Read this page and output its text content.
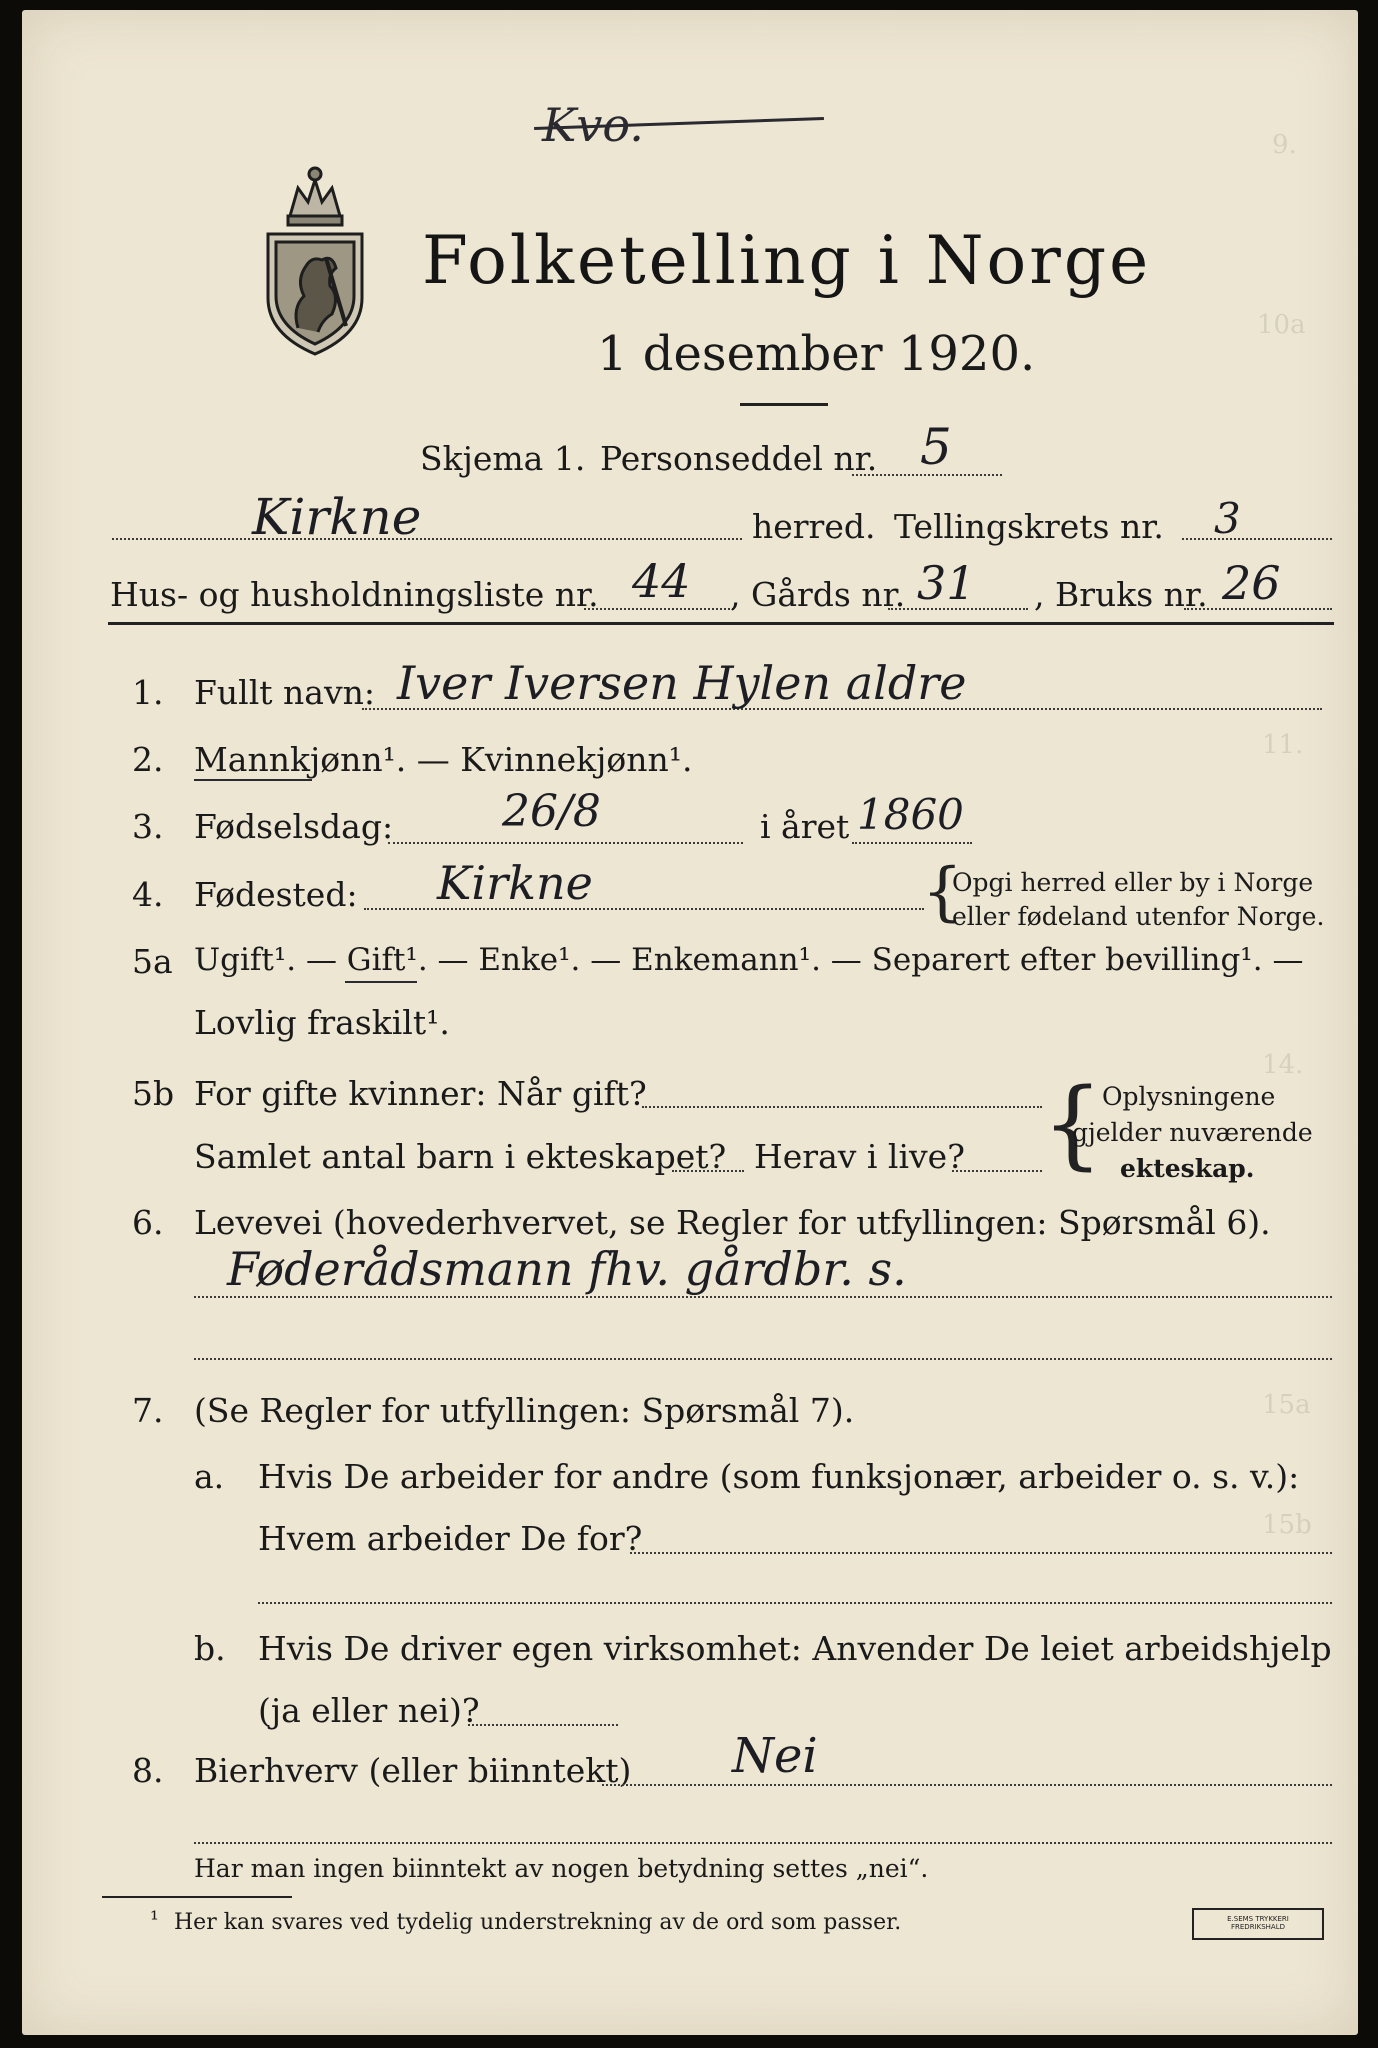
9.
10a
11.
14.
15a
15b
Kvo.
Folketelling i Norge
1 desember 1920.
Skjema 1. Personseddel nr. 5
Kirkne	herred. Tellingskrets nr. 3
Hus- og husholdningsliste nr. 44 , Gårds nr. 31 , Bruks nr. 26
1. Fullt navn: Iver Iversen Hylen aldre
2. Mannkjønn¹. — Kvinnekjønn¹.
3. Fødselsdag: 26/8	i året 1860
4. Fødested: Kirkne	{
Opgi herred eller by i Norge
eller fødeland utenfor Norge.
5a Ugift¹. — Gift¹. — Enke¹. — Enkemann¹. — Separert efter bevilling¹. —
Lovlig fraskilt¹.
5b For gifte kvinner: Når gift?
Samlet antal barn i ekteskapet? Herav i live? {
Oplysningene
gjelder nuværende
ekteskap.
6. Levevei (hovederhvervet, se Regler for utfyllingen: Spørsmål 6).
Føderådsmann fhv. gårdbr. s.
7. (Se Regler for utfyllingen: Spørsmål 7).
a. Hvis De arbeider for andre (som funksjonær, arbeider o. s. v.):
Hvem arbeider De for?
b. Hvis De driver egen virksomhet: Anvender De leiet arbeidshjelp
(ja eller nei)?
8. Bierhverv (eller biinntekt) Nei
Har man ingen biinntekt av nogen betydning settes „nei“.
¹ Her kan svares ved tydelig understrekning av de ord som passer.	E.SEMS TRYKKERI FREDRIKSHALD
